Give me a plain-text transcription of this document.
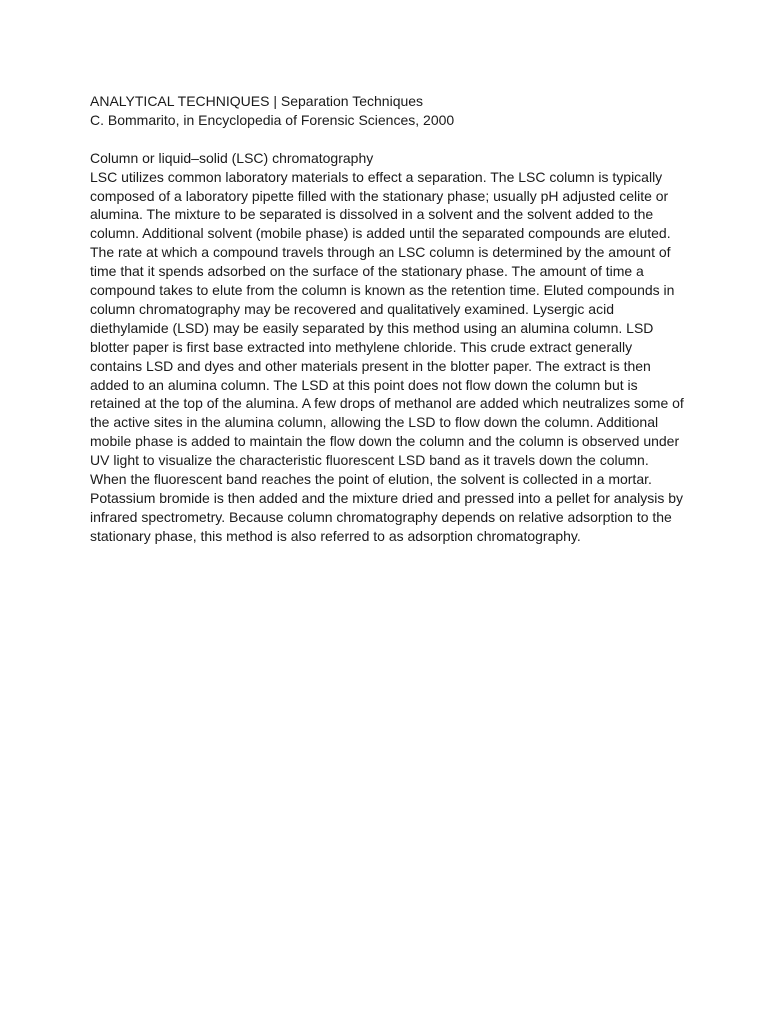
ANALYTICAL TECHNIQUES | Separation Techniques
C. Bommarito, in Encyclopedia of Forensic Sciences, 2000
Column or liquid–solid (LSC) chromatography
LSC utilizes common laboratory materials to effect a separation. The LSC column is typically
composed of a laboratory pipette filled with the stationary phase; usually pH adjusted celite or
alumina. The mixture to be separated is dissolved in a solvent and the solvent added to the
column. Additional solvent (mobile phase) is added until the separated compounds are eluted.
The rate at which a compound travels through an LSC column is determined by the amount of
time that it spends adsorbed on the surface of the stationary phase. The amount of time a
compound takes to elute from the column is known as the retention time. Eluted compounds in
column chromatography may be recovered and qualitatively examined. Lysergic acid
diethylamide (LSD) may be easily separated by this method using an alumina column. LSD
blotter paper is first base extracted into methylene chloride. This crude extract generally
contains LSD and dyes and other materials present in the blotter paper. The extract is then
added to an alumina column. The LSD at this point does not flow down the column but is
retained at the top of the alumina. A few drops of methanol are added which neutralizes some of
the active sites in the alumina column, allowing the LSD to flow down the column. Additional
mobile phase is added to maintain the flow down the column and the column is observed under
UV light to visualize the characteristic fluorescent LSD band as it travels down the column.
When the fluorescent band reaches the point of elution, the solvent is collected in a mortar.
Potassium bromide is then added and the mixture dried and pressed into a pellet for analysis by
infrared spectrometry. Because column chromatography depends on relative adsorption to the
stationary phase, this method is also referred to as adsorption chromatography.
